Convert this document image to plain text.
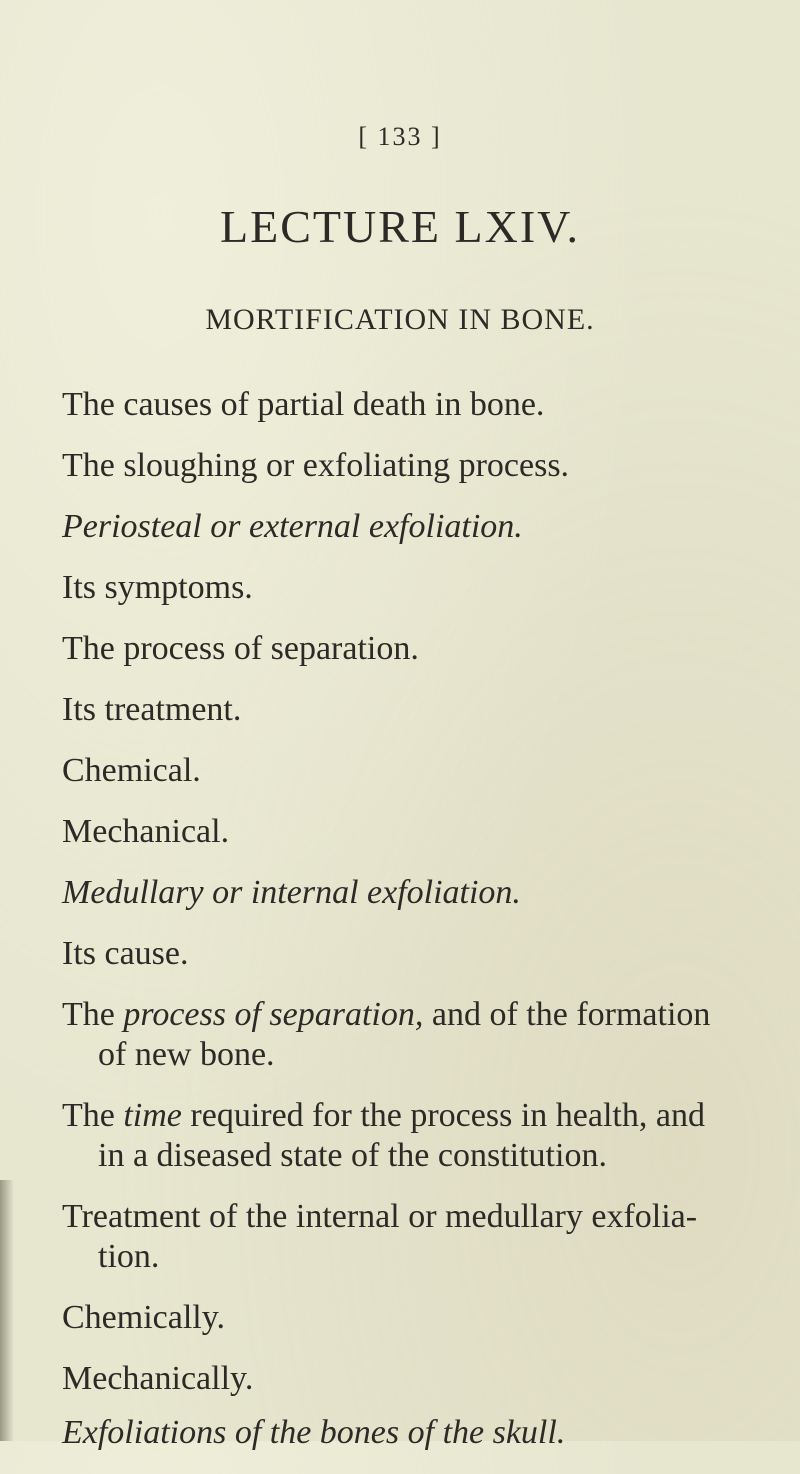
[ 133 ]
LECTURE LXIV.
MORTIFICATION IN BONE.
The causes of partial death in bone.
The sloughing or exfoliating process.
Periosteal or external exfoliation.
Its symptoms.
The process of separation.
Its treatment.
Chemical.
Mechanical.
Medullary or internal exfoliation.
Its cause.
The process of separation, and of the formation
of new bone.
The time required for the process in health, and
in a diseased state of the constitution.
Treatment of the internal or medullary exfolia-
tion.
Chemically.
Mechanically.
Exfoliations of the bones of the skull.
